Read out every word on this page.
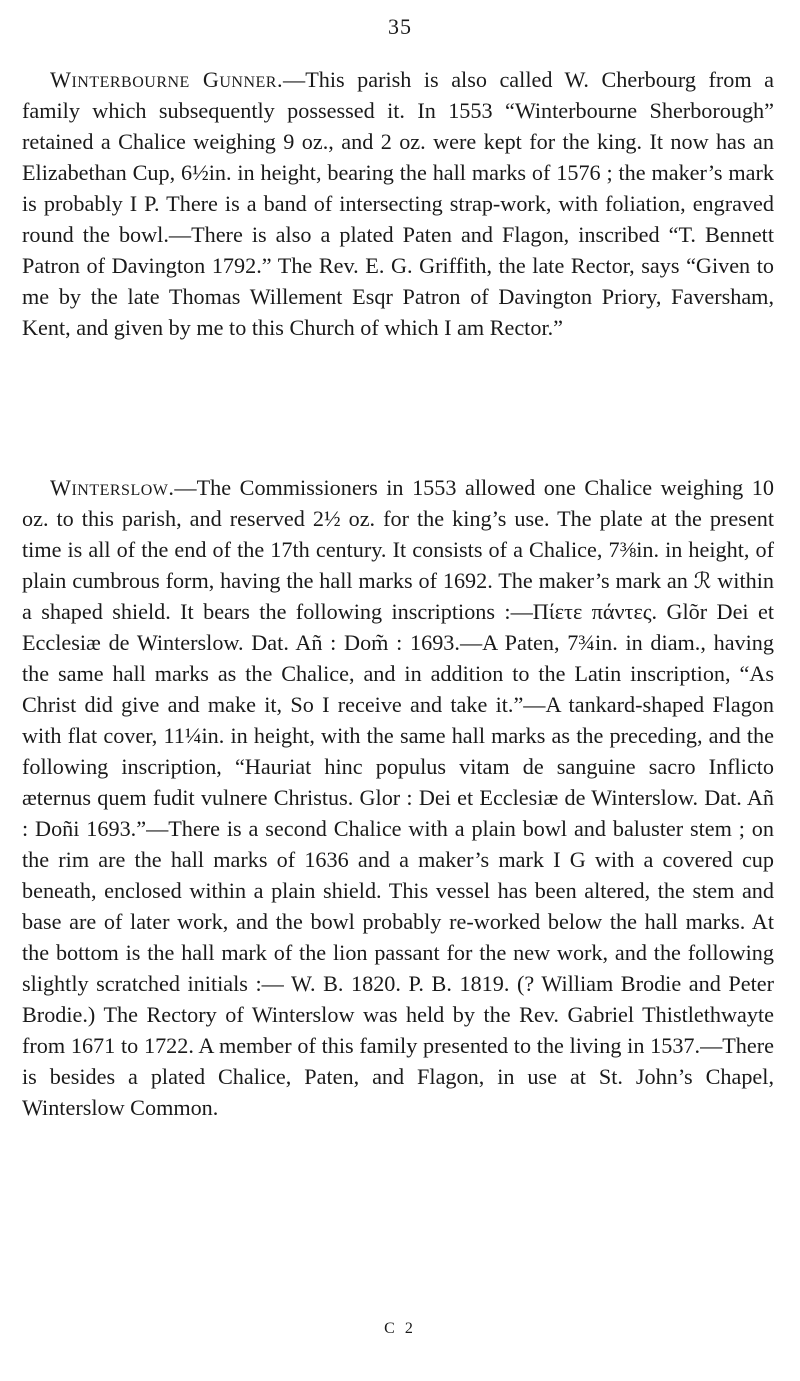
35

Winterbourne Gunner.—This parish is also called W. Cherbourg from a family which subsequently possessed it. In 1553 “Winterbourne Sherborough” retained a Chalice weighing 9 oz., and 2 oz. were kept for the king. It now has an Elizabethan Cup, 6½in. in height, bearing the hall marks of 1576 ; the maker’s mark is probably I P. There is a band of intersecting strap-work, with foliation, engraved round the bowl.—There is also a plated Paten and Flagon, inscribed “T. Bennett Patron of Davington 1792.” The Rev. E. G. Griffith, the late Rector, says “Given to me by the late Thomas Willement Esqr Patron of Davington Priory, Faversham, Kent, and given by me to this Church of which I am Rector.”

Winterslow.—The Commissioners in 1553 allowed one Chalice weighing 10 oz. to this parish, and reserved 2½ oz. for the king’s use. The plate at the present time is all of the end of the 17th century. It consists of a Chalice, 7⅜in. in height, of plain cumbrous form, having the hall marks of 1692. The maker’s mark an ℛ within a shaped shield. It bears the following inscriptions :—Πίετε πάντες. Glõr Dei et Ecclesiæ de Winterslow. Dat. Añ : Dom̃ : 1693.—A Paten, 7¾in. in diam., having the same hall marks as the Chalice, and in addition to the Latin inscription, “As Christ did give and make it, So I receive and take it.”—A tankard-shaped Flagon with flat cover, 11¼in. in height, with the same hall marks as the preceding, and the following inscription, “Hauriat hinc populus vitam de sanguine sacro Inflicto æternus quem fudit vulnere Christus. Glor : Dei et Ecclesiæ de Winterslow. Dat. Añ : Doñi 1693.”—There is a second Chalice with a plain bowl and baluster stem ; on the rim are the hall marks of 1636 and a maker’s mark I G with a covered cup beneath, enclosed within a plain shield. This vessel has been altered, the stem and base are of later work, and the bowl probably re-worked below the hall marks. At the bottom is the hall mark of the lion passant for the new work, and the following slightly scratched initials :— W. B. 1820. P. B. 1819. (? William Brodie and Peter Brodie.) The Rectory of Winterslow was held by the Rev. Gabriel Thistlethwayte from 1671 to 1722. A member of this family presented to the living in 1537.—There is besides a plated Chalice, Paten, and Flagon, in use at St. John’s Chapel, Winterslow Common.

C 2
